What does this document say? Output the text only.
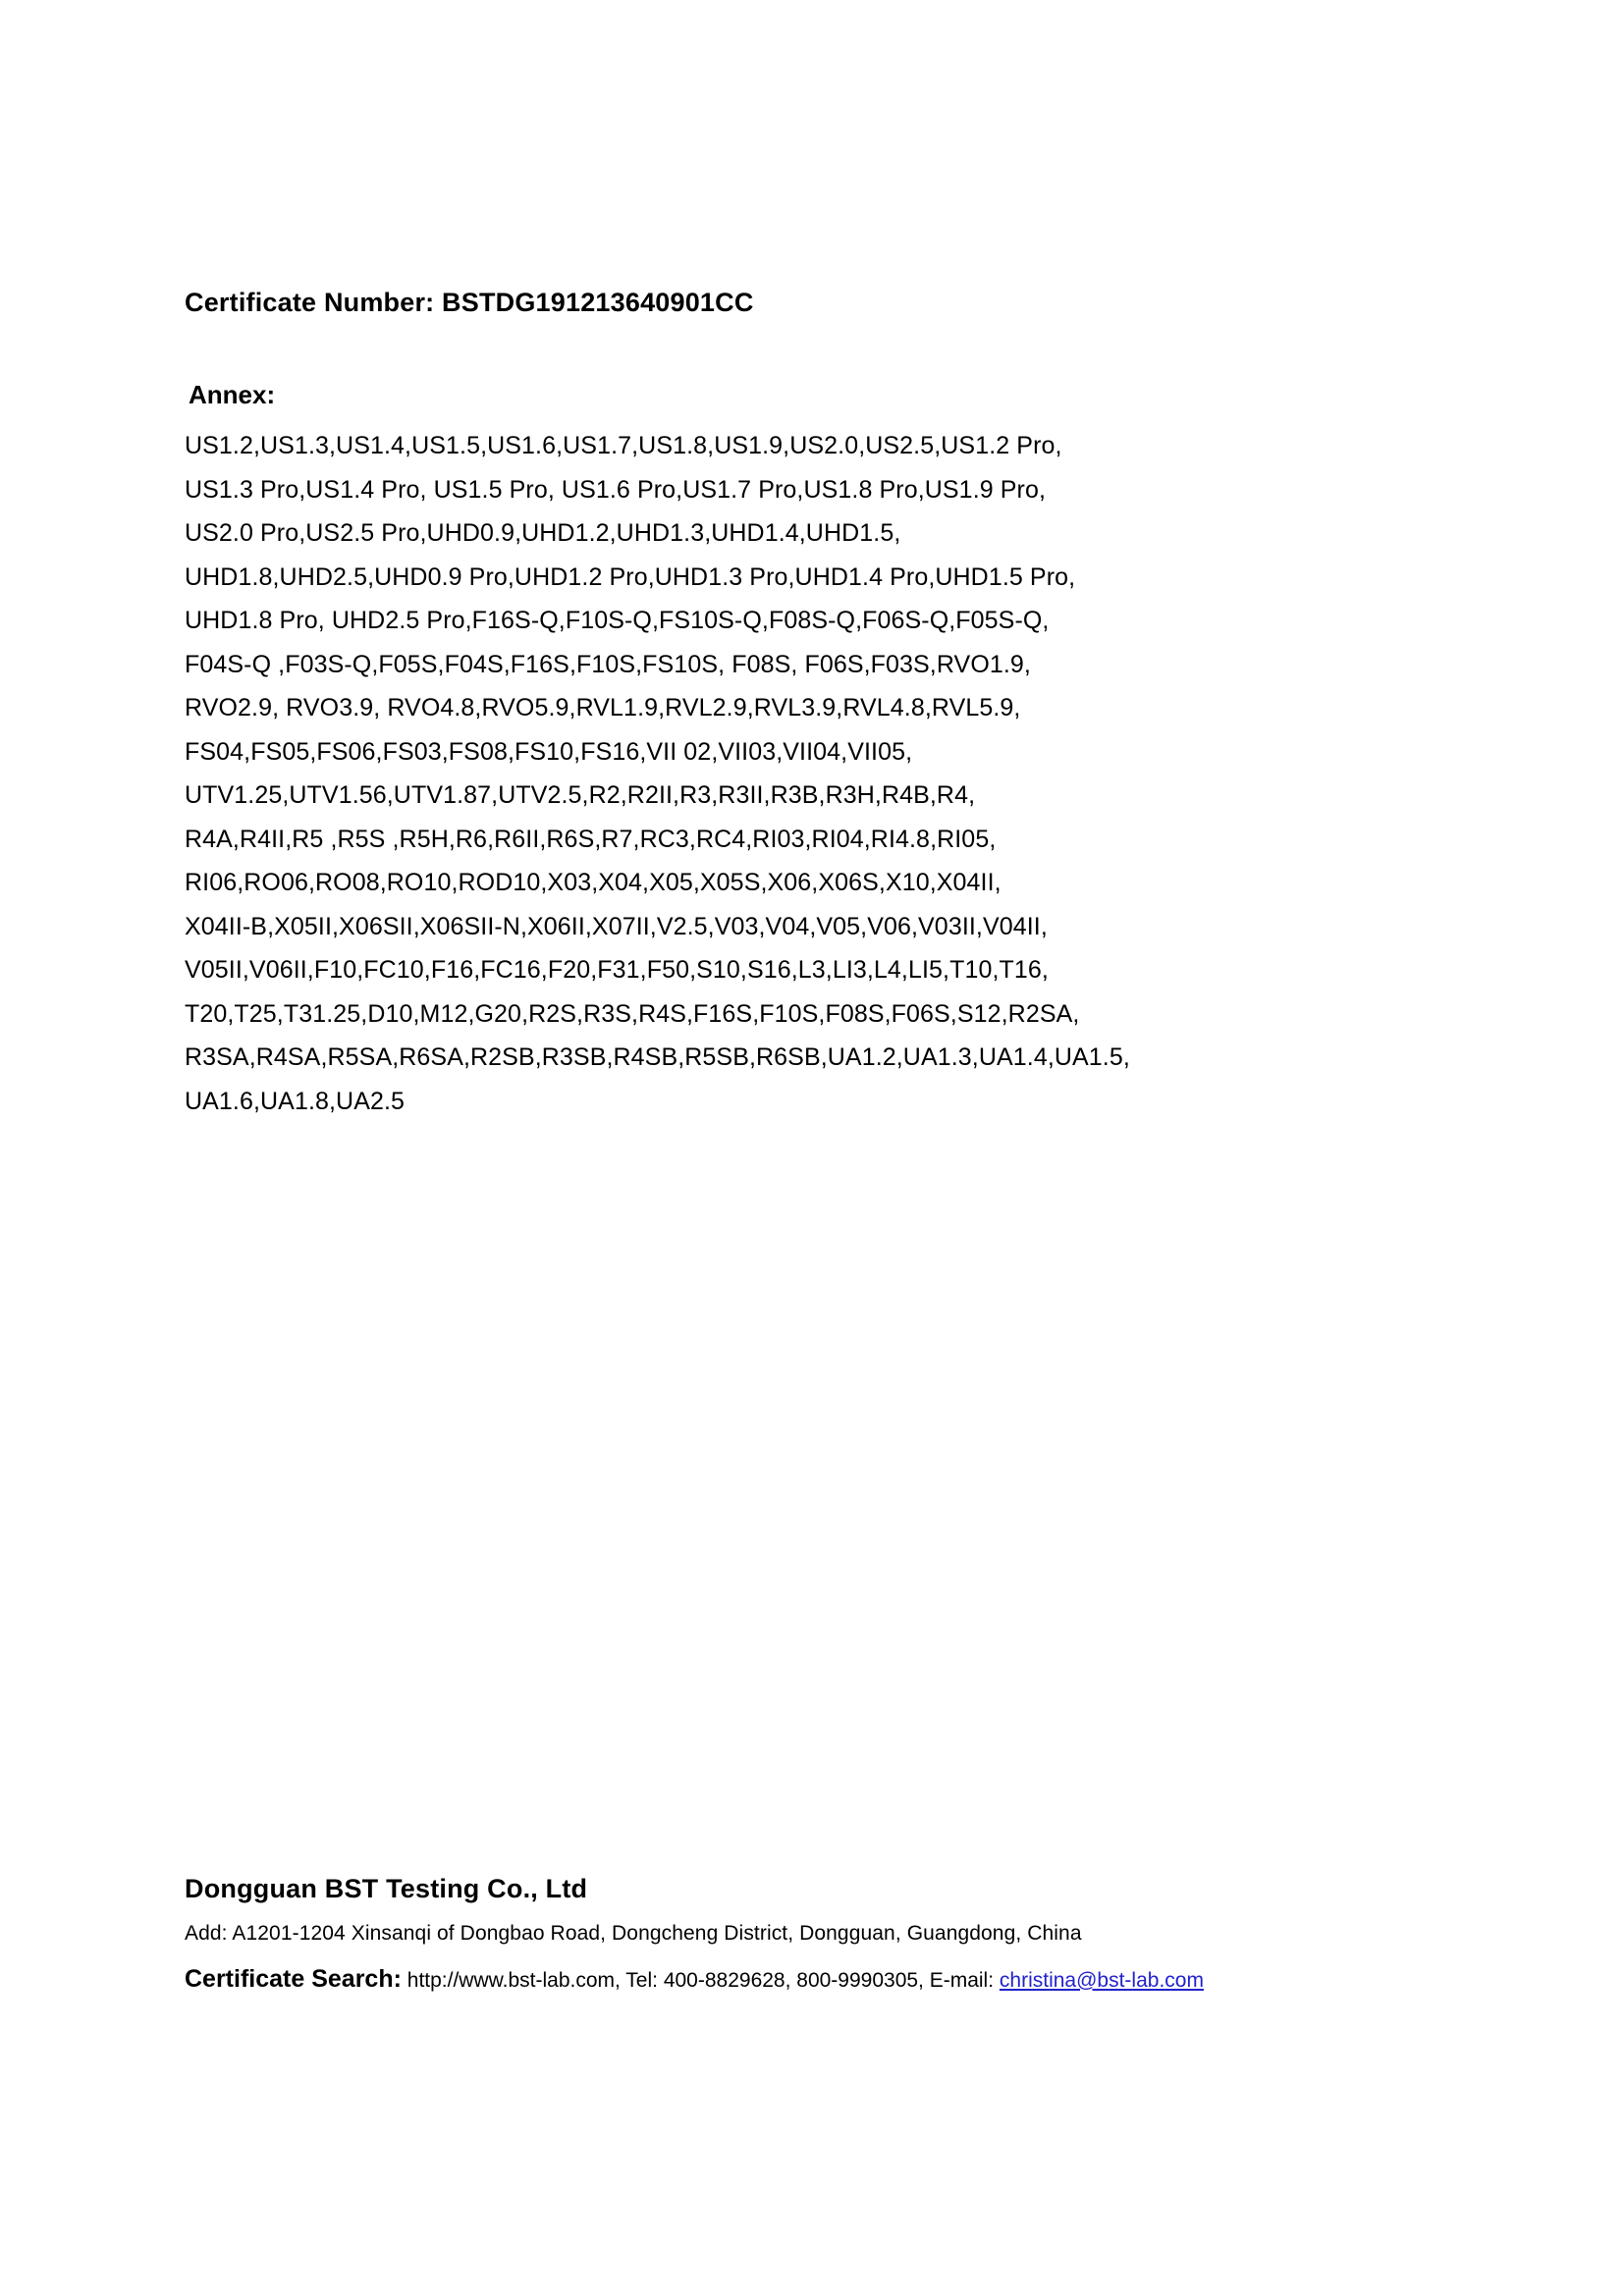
Certificate Number: BSTDG191213640901CC
Annex:
US1.2,US1.3,US1.4,US1.5,US1.6,US1.7,US1.8,US1.9,US2.0,US2.5,US1.2 Pro,
US1.3 Pro,US1.4 Pro, US1.5 Pro, US1.6 Pro,US1.7 Pro,US1.8 Pro,US1.9 Pro,
US2.0 Pro,US2.5 Pro,UHD0.9,UHD1.2,UHD1.3,UHD1.4,UHD1.5,
UHD1.8,UHD2.5,UHD0.9 Pro,UHD1.2 Pro,UHD1.3 Pro,UHD1.4 Pro,UHD1.5 Pro,
UHD1.8 Pro, UHD2.5 Pro,F16S-Q,F10S-Q,FS10S-Q,F08S-Q,F06S-Q,F05S-Q,
F04S-Q ,F03S-Q,F05S,F04S,F16S,F10S,FS10S, F08S, F06S,F03S,RVO1.9,
RVO2.9, RVO3.9, RVO4.8,RVO5.9,RVL1.9,RVL2.9,RVL3.9,RVL4.8,RVL5.9,
FS04,FS05,FS06,FS03,FS08,FS10,FS16,VII 02,VII03,VII04,VII05,
UTV1.25,UTV1.56,UTV1.87,UTV2.5,R2,R2II,R3,R3II,R3B,R3H,R4B,R4,
R4A,R4II,R5 ,R5S ,R5H,R6,R6II,R6S,R7,RC3,RC4,RI03,RI04,RI4.8,RI05,
RI06,RO06,RO08,RO10,ROD10,X03,X04,X05,X05S,X06,X06S,X10,X04II,
X04II-B,X05II,X06SII,X06SII-N,X06II,X07II,V2.5,V03,V04,V05,V06,V03II,V04II,
V05II,V06II,F10,FC10,F16,FC16,F20,F31,F50,S10,S16,L3,LI3,L4,LI5,T10,T16,
T20,T25,T31.25,D10,M12,G20,R2S,R3S,R4S,F16S,F10S,F08S,F06S,S12,R2SA,
R3SA,R4SA,R5SA,R6SA,R2SB,R3SB,R4SB,R5SB,R6SB,UA1.2,UA1.3,UA1.4,UA1.5,
UA1.6,UA1.8,UA2.5
Dongguan BST Testing Co., Ltd
Add: A1201-1204 Xinsanqi of Dongbao Road, Dongcheng District, Dongguan, Guangdong, China
Certificate Search: http://www.bst-lab.com, Tel: 400-8829628, 800-9990305, E-mail: christina@bst-lab.com
